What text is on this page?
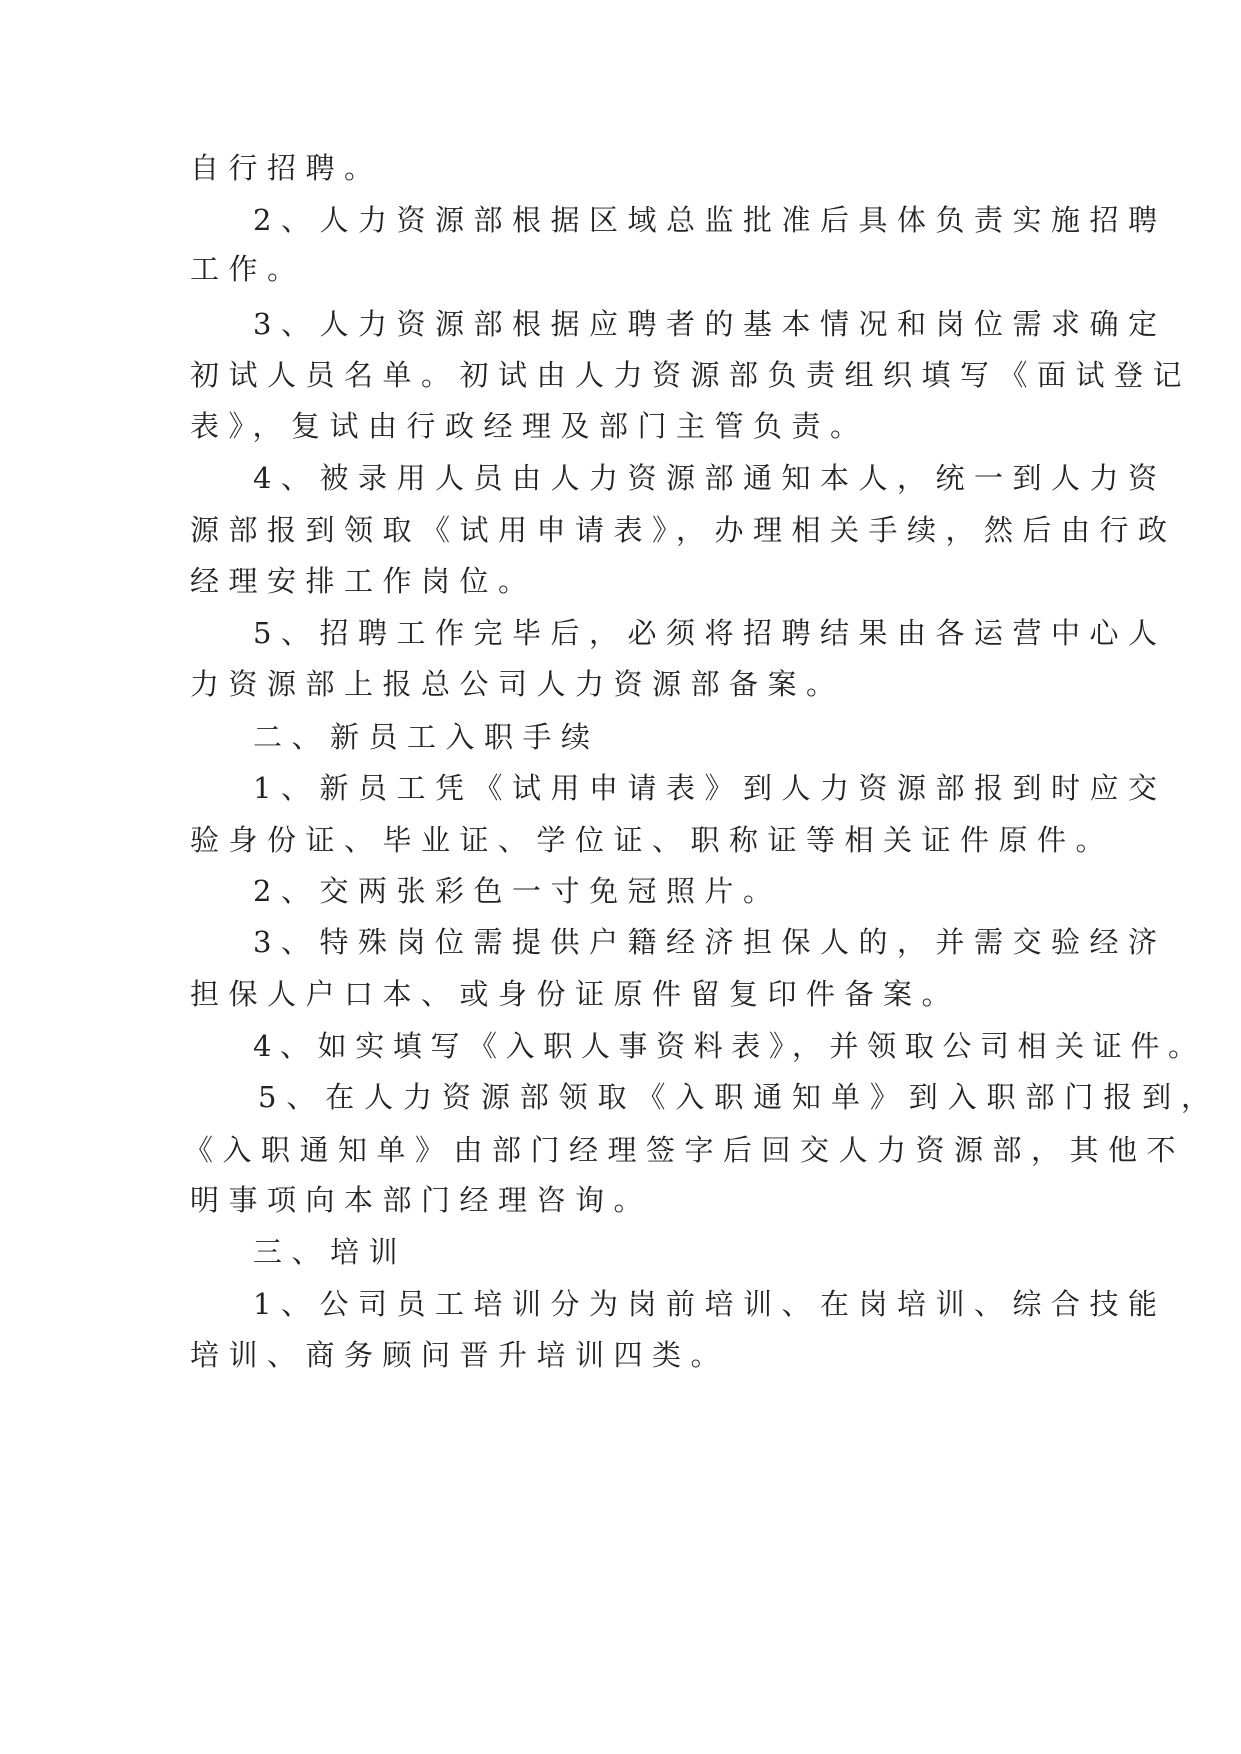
自行招聘。

2、人力资源部根据区域总监批准后具体负责实施招聘

工作。

3、人力资源部根据应聘者的基本情况和岗位需求确定

初试人员名单。初试由人力资源部负责组织填写《面试登记

表》，复试由行政经理及部门主管负责。

4、被录用人员由人力资源部通知本人，统一到人力资

源部报到领取《试用申请表》，办理相关手续，然后由行政

经理安排工作岗位。

5、招聘工作完毕后，必须将招聘结果由各运营中心人

力资源部上报总公司人力资源部备案。

二、新员工入职手续

1、新员工凭《试用申请表》到人力资源部报到时应交

验身份证、毕业证、学位证、职称证等相关证件原件。

2、交两张彩色一寸免冠照片。

3、特殊岗位需提供户籍经济担保人的，并需交验经济

担保人户口本、或身份证原件留复印件备案。

4、如实填写《入职人事资料表》，并领取公司相关证件。

5、在人力资源部领取《入职通知单》到入职部门报到，

《入职通知单》由部门经理签字后回交人力资源部，其他不

明事项向本部门经理咨询。

三、培训

1、公司员工培训分为岗前培训、在岗培训、综合技能

培训、商务顾问晋升培训四类。
